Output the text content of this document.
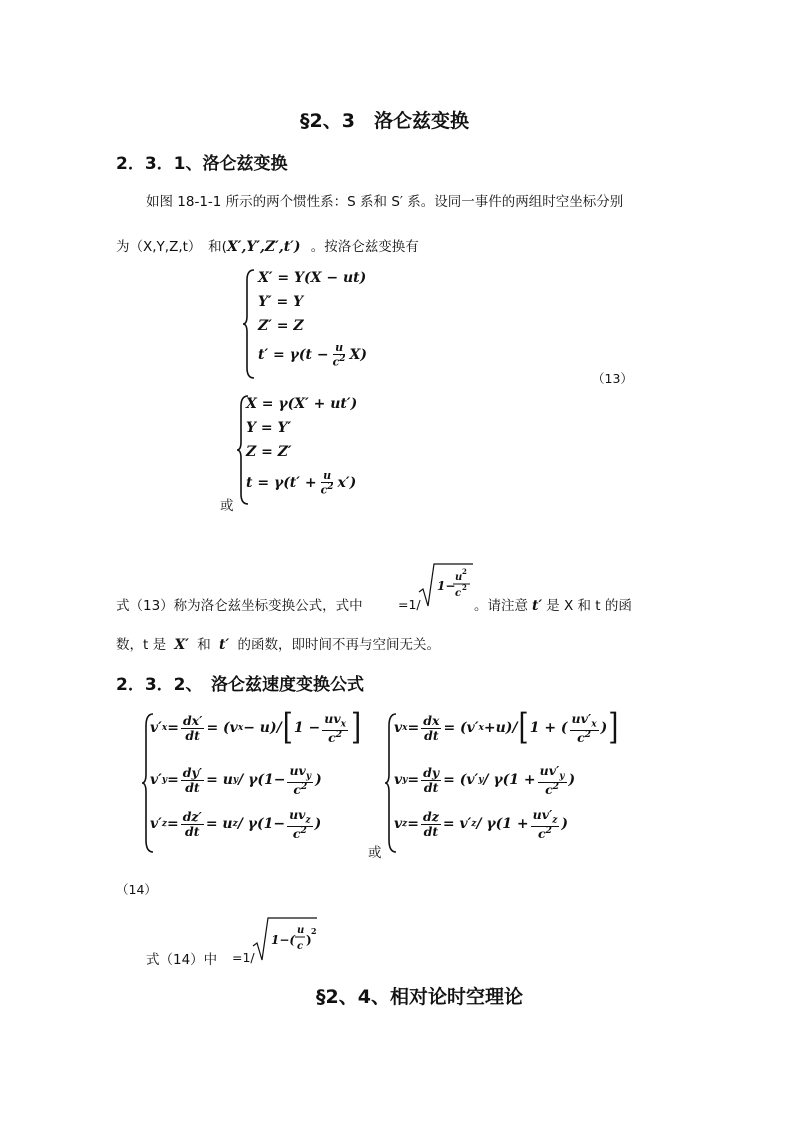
§2、3　洛仑兹变换
2．3．1、洛仑兹变换
如图 18-1-1 所示的两个惯性系：S 系和 S′ 系。设同一事件的两组时空坐标分别
为（X,Y,Z,t）　和(X′,Y′,Z′,t′) 。按洛仑兹变换有
X′ = Y(X − ut)
Y′ = Y
Z′ = Z
$t' = \gamma(t - \frac{u}{c^2} X)$
（13）
X = γ(X′ + ut′)
Y = Y′
Z = Z′
$t = \gamma(t' + \frac{u}{c^2} x')$
或
式（13）称为洛仑兹坐标变换公式，式中	=1/
1−
u
2
c
2
。请注意 t′ 是 X 和 t 的函
数，t 是 X′ 和 t′ 的函数，即时间不再与空间无关。
2．3．2、　洛仑兹速度变换公式
v′ $x = \frac{dx'}{dt} = (v$ x − u)/ [ $1 - \frac{uv_x}{c^2}$ ]
v′ $y = \frac{dy'}{dt} = u$ $y / \gamma(1- \frac{uv_y}{c^2}$ )
v′ $z = \frac{dz'}{dt} = u$ $z / \gamma(1- \frac{uv_z}{c^2}$ )
或
v $x = \frac{dx}{dt} = (v'$ x +u)/ [ 1 + ( $\frac{uv'_x}{c^2}$ ) ]
v $y = \frac{dy}{dt} = (v'$ $y / \gamma(1 + \frac{uv'_y}{c^2}$ )
v $z = \frac{dz}{dt} = v'$ $z / \gamma(1 + \frac{uv'_z}{c^2}$ )
（14）
式（14）中 =1/
1−(
u
c )
2
§2、4、相对论时空理论
